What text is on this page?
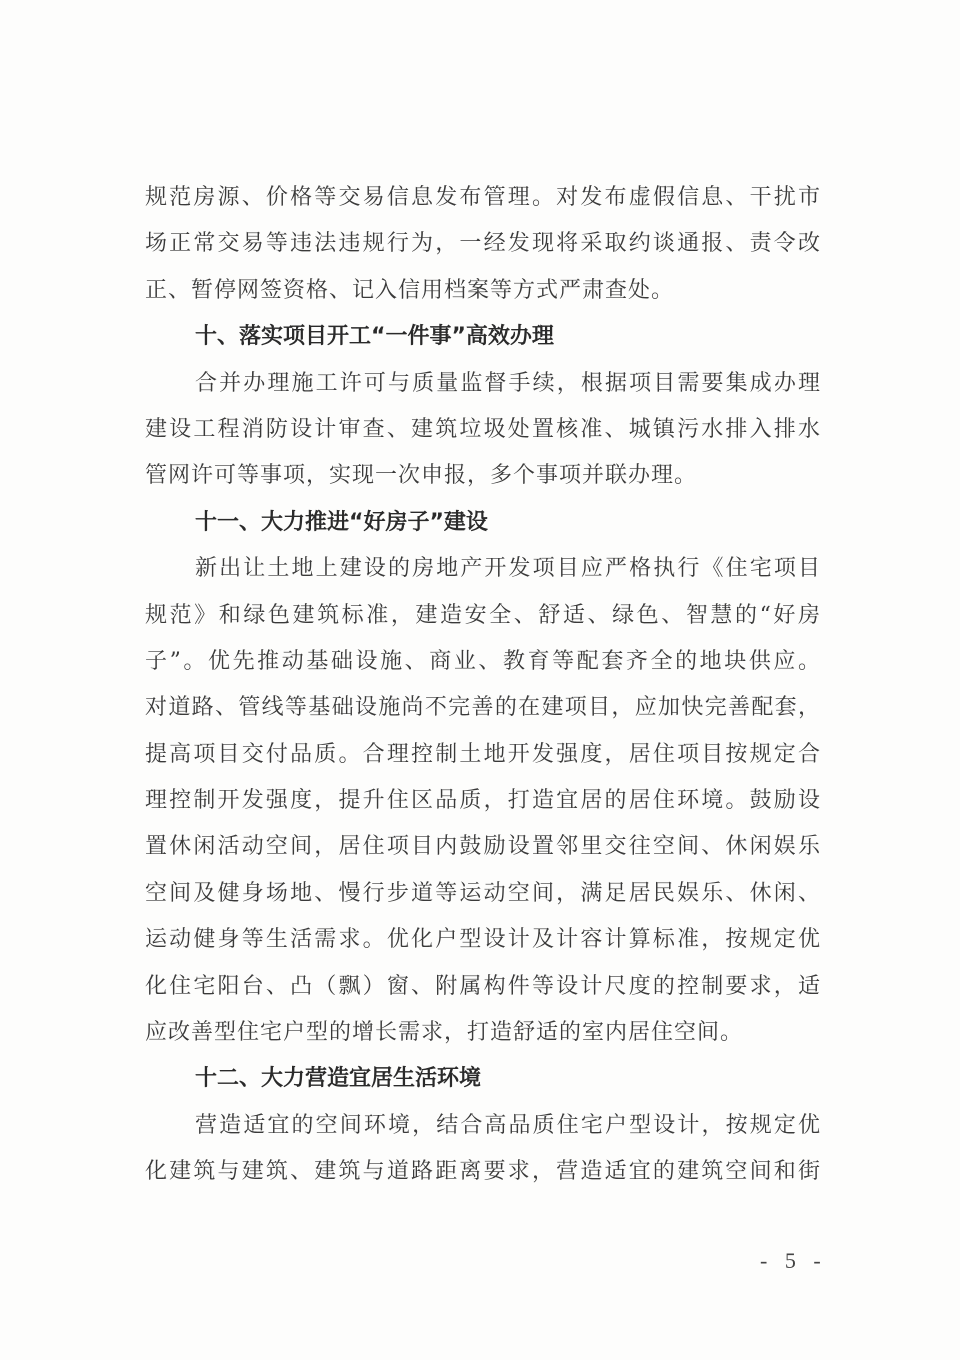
规范房源、价格等交易信息发布管理。对发布虚假信息、干扰市
场正常交易等违法违规行为，一经发现将采取约谈通报、责令改
正、暂停网签资格、记入信用档案等方式严肃查处。
十、落实项目开工“一件事”高效办理
合并办理施工许可与质量监督手续，根据项目需要集成办理
建设工程消防设计审查、建筑垃圾处置核准、城镇污水排入排水
管网许可等事项，实现一次申报，多个事项并联办理。
十一、大力推进“好房子”建设
新出让土地上建设的房地产开发项目应严格执行《住宅项目
规范》和绿色建筑标准，建造安全、舒适、绿色、智慧的“好房
子”。优先推动基础设施、商业、教育等配套齐全的地块供应。
对道路、管线等基础设施尚不完善的在建项目，应加快完善配套，
提高项目交付品质。合理控制土地开发强度，居住项目按规定合
理控制开发强度，提升住区品质，打造宜居的居住环境。鼓励设
置休闲活动空间，居住项目内鼓励设置邻里交往空间、休闲娱乐
空间及健身场地、慢行步道等运动空间，满足居民娱乐、休闲、
运动健身等生活需求。优化户型设计及计容计算标准，按规定优
化住宅阳台、凸（飘）窗、附属构件等设计尺度的控制要求，适
应改善型住宅户型的增长需求，打造舒适的室内居住空间。
十二、大力营造宜居生活环境
营造适宜的空间环境，结合高品质住宅户型设计，按规定优
化建筑与建筑、建筑与道路距离要求，营造适宜的建筑空间和街
- 5 -
